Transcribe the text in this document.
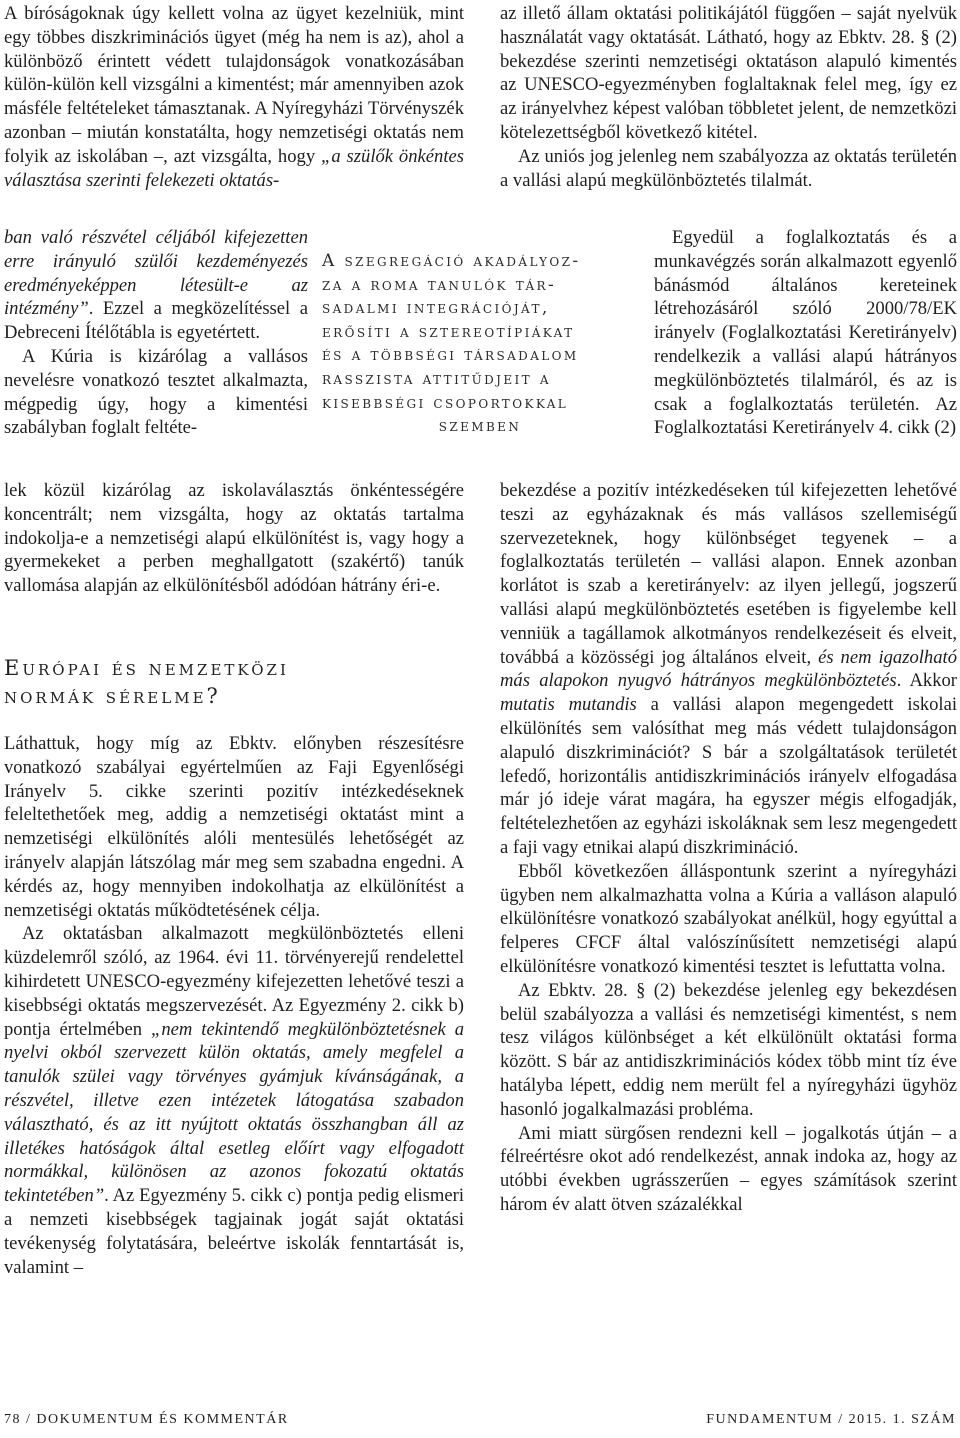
A bíróságoknak úgy kellett volna az ügyet kezelniük, mint egy többes diszkriminációs ügyet (még ha nem is az), ahol a különböző érintett védett tulajdonságok vonatkozásában külön-külön kell vizsgálni a kimentést; már amennyiben azok másféle feltételeket támasztanak. A Nyíregyházi Törvényszék azonban – miután konstatálta, hogy nemzetiségi oktatás nem folyik az iskolában –, azt vizsgálta, hogy „a szülők önkéntes választása szerinti felekezeti oktatás-

ban való részvétel céljából kifejezetten erre irányuló szülői kezdeményezés eredményeképpen létesült-e az intézmény”. Ezzel a megközelítéssel a Debreceni Ítélőtábla is egyetértett.

A Kúria is kizárólag a vallásos nevelésre vonatkozó tesztet alkalmazta, mégpedig úgy, hogy a kimentési szabályban foglalt feltéte-

A szegregáció akadályoz-
za a roma tanulók tár-
sadalmi integrációját,
erősíti a sztereotípiákat
és a többségi társadalom
rasszista attitűdjeit a
kisebbségi csoportokkal
szemben

lek közül kizárólag az iskolaválasztás önkéntességére koncentrált; nem vizsgálta, hogy az oktatás tartalma indokolja-e a nemzetiségi alapú elkülönítést is, vagy hogy a gyermekeket a perben meghallgatott (szakértő) tanúk vallomása alapján az elkülönítésből adódóan hátrány éri-e.

Európai és nemzetközi
normák sérelme?

Láthattuk, hogy míg az Ebktv. előnyben részesítésre vonatkozó szabályai egyértelműen az Faji Egyenlőségi Irányelv 5. cikke szerinti pozitív intézkedéseknek feleltethetőek meg, addig a nemzetiségi oktatást mint a nemzetiségi elkülönítés alóli mentesülés lehetőségét az irányelv alapján látszólag már meg sem szabadna engedni. A kérdés az, hogy mennyiben indokolhatja az elkülönítést a nemzetiségi oktatás működtetésének célja.

Az oktatásban alkalmazott megkülönböztetés elleni küzdelemről szóló, az 1964. évi 11. törvényerejű rendelettel kihirdetett UNESCO-egyezmény kifejezetten lehetővé teszi a kisebbségi oktatás megszervezését. Az Egyezmény 2. cikk b) pontja értelmében „nem tekintendő megkülönböztetésnek a nyelvi okból szervezett külön oktatás, amely megfelel a tanulók szülei vagy törvényes gyámjuk kívánságának, a részvétel, illetve ezen intézetek látogatása szabadon választható, és az itt nyújtott oktatás összhangban áll az illetékes hatóságok által esetleg előírt vagy elfogadott normákkal, különösen az azonos fokozatú oktatás tekintetében”. Az Egyezmény 5. cikk c) pontja pedig elismeri a nemzeti kisebbségek tagjainak jogát saját oktatási tevékenység folytatására, beleértve iskolák fenntartását is, valamint –

az illető állam oktatási politikájától függően – saját nyelvük használatát vagy oktatását. Látható, hogy az Ebktv. 28. § (2) bekezdése szerinti nemzetiségi oktatáson alapuló kimentés az UNESCO-egyezményben foglaltaknak felel meg, így ez az irányelvhez képest valóban többletet jelent, de nemzetközi kötelezettségből következő kitétel.

Az uniós jog jelenleg nem szabályozza az oktatás területén a vallási alapú megkülönböztetés tilalmát.

Egyedül a foglalkoztatás és a munkavégzés során alkalmazott egyenlő bánásmód általános kereteinek létrehozásáról szóló 2000/78/EK irányelv (Foglalkoztatási Keretirányelv) rendelkezik a vallási alapú hátrányos megkülönböztetés tilalmáról, és az is csak a foglalkoztatás területén. Az Foglalkoztatási Keretirányelv 4. cikk (2)

bekezdése a pozitív intézkedéseken túl kifejezetten lehetővé teszi az egyházaknak és más vallásos szellemiségű szervezeteknek, hogy különbséget tegyenek – a foglalkoztatás területén – vallási alapon. Ennek azonban korlátot is szab a keretirányelv: az ilyen jellegű, jogszerű vallási alapú megkülönböztetés esetében is figyelembe kell venniük a tagállamok alkotmányos rendelkezéseit és elveit, továbbá a közösségi jog általános elveit, és nem igazolható más alapokon nyugvó hátrányos megkülönböztetés. Akkor mutatis mutandis a vallási alapon megengedett iskolai elkülönítés sem valósíthat meg más védett tulajdonságon alapuló diszkriminációt? S bár a szolgáltatások területét lefedő, horizontális antidiszkriminációs irányelv elfogadása már jó ideje várat magára, ha egyszer mégis elfogadják, feltételezhetően az egyházi iskoláknak sem lesz megengedett a faji vagy etnikai alapú diszkrimináció.

Ebből következően álláspontunk szerint a nyíregyházi ügyben nem alkalmazhatta volna a Kúria a valláson alapuló elkülönítésre vonatkozó szabályokat anélkül, hogy egyúttal a felperes CFCF által valószínűsített nemzetiségi alapú elkülönítésre vonatkozó kimentési tesztet is lefuttatta volna.

Az Ebktv. 28. § (2) bekezdése jelenleg egy bekezdésen belül szabályozza a vallási és nemzetiségi kimentést, s nem tesz világos különbséget a két elkülönült oktatási forma között. S bár az antidiszkriminációs kódex több mint tíz éve hatályba lépett, eddig nem merült fel a nyíregyházi ügyhöz hasonló jogalkalmazási probléma.

Ami miatt sürgősen rendezni kell – jogalkotás útján – a félreértésre okot adó rendelkezést, annak indoka az, hogy az utóbbi években ugrásszerűen – egyes számítások szerint három év alatt ötven százalékkal

78 / DOKUMENTUM ÉS KOMMENTÁR	FUNDAMENTUM / 2015. 1. SZÁM
